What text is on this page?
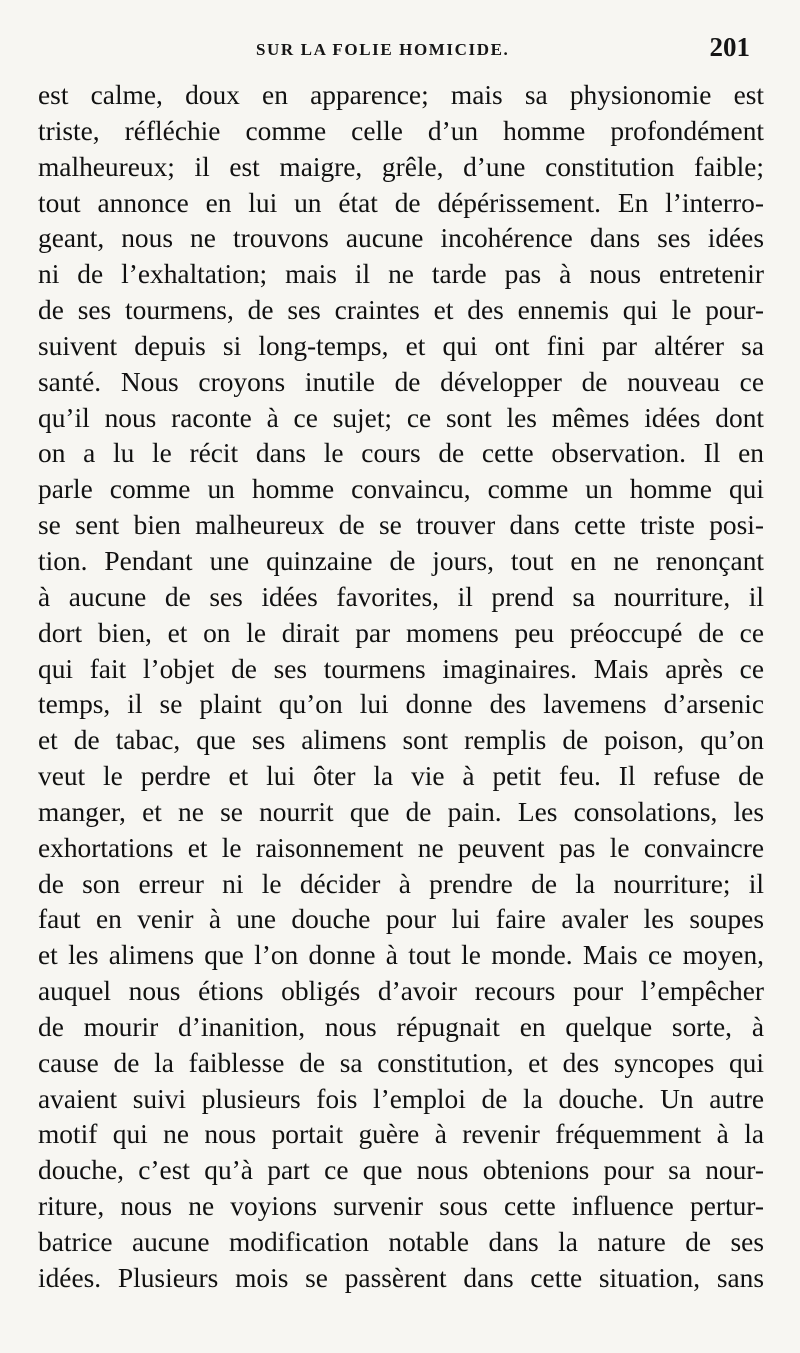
SUR LA FOLIE HOMICIDE.	201
est calme, doux en apparence; mais sa physionomie est
triste, réfléchie comme celle d’un homme profondément
malheureux; il est maigre, grêle, d’une constitution faible;
tout annonce en lui un état de dépérissement. En l’interro-
geant, nous ne trouvons aucune incohérence dans ses idées
ni de l’exhaltation; mais il ne tarde pas à nous entretenir
de ses tourmens, de ses craintes et des ennemis qui le pour-
suivent depuis si long-temps, et qui ont fini par altérer sa
santé. Nous croyons inutile de développer de nouveau ce
qu’il nous raconte à ce sujet; ce sont les mêmes idées dont
on a lu le récit dans le cours de cette observation. Il en
parle comme un homme convaincu, comme un homme qui
se sent bien malheureux de se trouver dans cette triste posi-
tion. Pendant une quinzaine de jours, tout en ne renonçant
à aucune de ses idées favorites, il prend sa nourriture, il
dort bien, et on le dirait par momens peu préoccupé de ce
qui fait l’objet de ses tourmens imaginaires. Mais après ce
temps, il se plaint qu’on lui donne des lavemens d’arsenic
et de tabac, que ses alimens sont remplis de poison, qu’on
veut le perdre et lui ôter la vie à petit feu. Il refuse de
manger, et ne se nourrit que de pain. Les consolations, les
exhortations et le raisonnement ne peuvent pas le convaincre
de son erreur ni le décider à prendre de la nourriture; il
faut en venir à une douche pour lui faire avaler les soupes
et les alimens que l’on donne à tout le monde. Mais ce moyen,
auquel nous étions obligés d’avoir recours pour l’empêcher
de mourir d’inanition, nous répugnait en quelque sorte, à
cause de la faiblesse de sa constitution, et des syncopes qui
avaient suivi plusieurs fois l’emploi de la douche. Un autre
motif qui ne nous portait guère à revenir fréquemment à la
douche, c’est qu’à part ce que nous obtenions pour sa nour-
riture, nous ne voyions survenir sous cette influence pertur-
batrice aucune modification notable dans la nature de ses
idées. Plusieurs mois se passèrent dans cette situation, sans
